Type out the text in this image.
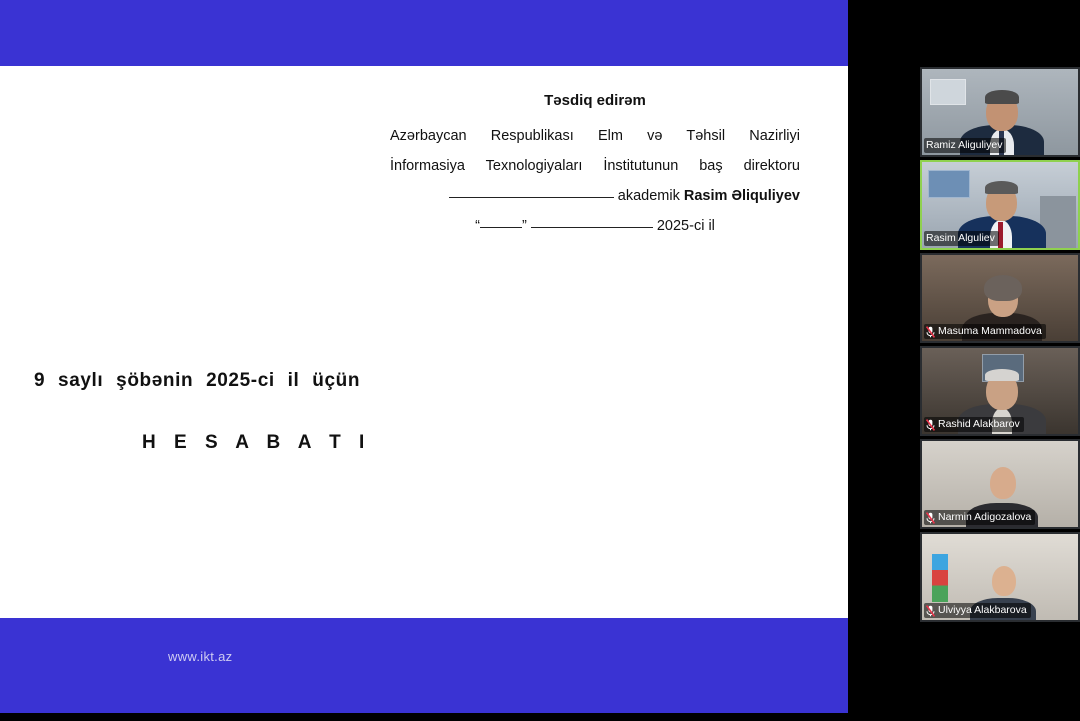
www.ikt.az
Təsdiq edirəm
Azərbaycan Respublikası Elm və Təhsil Nazirliyi
İnformasiya Texnologiyaları İnstitutunun baş direktoru
akademik Rasim Əliquliyev
“	”	2025-ci il
9 saylı şöbənin 2025-ci il üçün
H E S A B A T I
Ramiz Aliguliyev
Rasim Alguliev
Masuma Mammadova
Rashid Alakbarov
Narmin Adigozalova
Ulviyya Alakbarova
